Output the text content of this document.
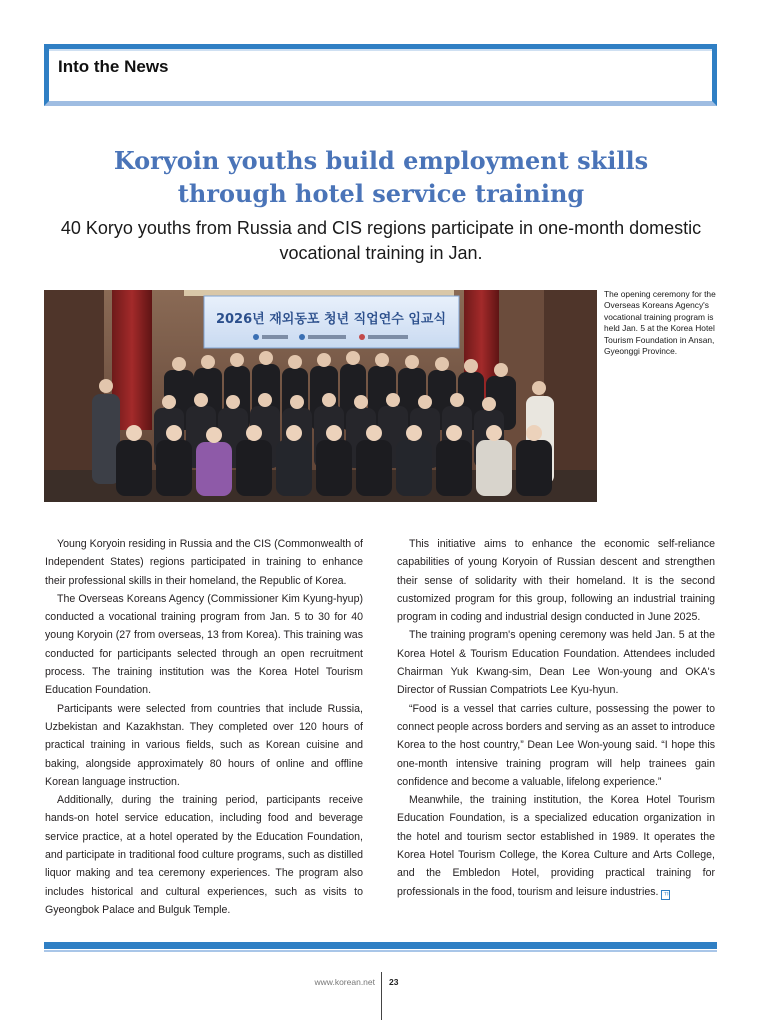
Into the News
Koryoin youths build employment skills through hotel service training
40 Koryo youths from Russia and CIS regions participate in one-month domestic vocational training in Jan.
2026년 재외동포 청년 직업연수 입교식
The opening ceremony for the Overseas Koreans Agency's vocational training program is held Jan. 5 at the Korea Hotel Tourism Foundation in Ansan, Gyeonggi Province.

Young Koryoin residing in Russia and the CIS (Commonwealth of Independent States) regions participated in training to enhance their professional skills in their homeland, the Republic of Korea.

The Overseas Koreans Agency (Commissioner Kim Kyung-hyup) conducted a vocational training program from Jan. 5 to 30 for 40 young Koryoin (27 from overseas, 13 from Korea). This training was conducted for participants selected through an open recruitment process. The training institution was the Korea Hotel Tourism Education Foundation.

Participants were selected from countries that include Russia, Uzbekistan and Kazakhstan. They completed over 120 hours of practical training in various fields, such as Korean cuisine and baking, alongside approximately 80 hours of online and offline Korean language instruction.

Additionally, during the training period, participants receive hands-on hotel service education, including food and beverage service practice, at a hotel operated by the Education Foundation, and participate in traditional food culture programs, such as distilled liquor making and tea ceremony experiences. The program also includes historical and cultural experiences, such as visits to Gyeongbok Palace and Bulguk Temple.

This initiative aims to enhance the economic self-reliance capabilities of young Koryoin of Russian descent and strengthen their sense of solidarity with their homeland. It is the second customized program for this group, following an industrial training program in coding and industrial design conducted in June 2025.

The training program's opening ceremony was held Jan. 5 at the Korea Hotel & Tourism Education Foundation. Attendees included Chairman Yuk Kwang-sim, Dean Lee Won-young and OKA's Director of Russian Compatriots Lee Kyu-hyun.

“Food is a vessel that carries culture, possessing the power to connect people across borders and serving as an asset to introduce Korea to the host country,” Dean Lee Won-young said. “I hope this one-month intensive training program will help trainees gain confidence and become a valuable, lifelong experience.”

Meanwhile, the training institution, the Korea Hotel Tourism Education Foundation, is a specialized education organization in the hotel and tourism sector established in 1989. It operates the Korea Hotel Tourism College, the Korea Culture and Arts College, and the Embledon Hotel, providing practical training for professionals in the food, tourism and leisure industries. ㄲ

www.korean.net 23
